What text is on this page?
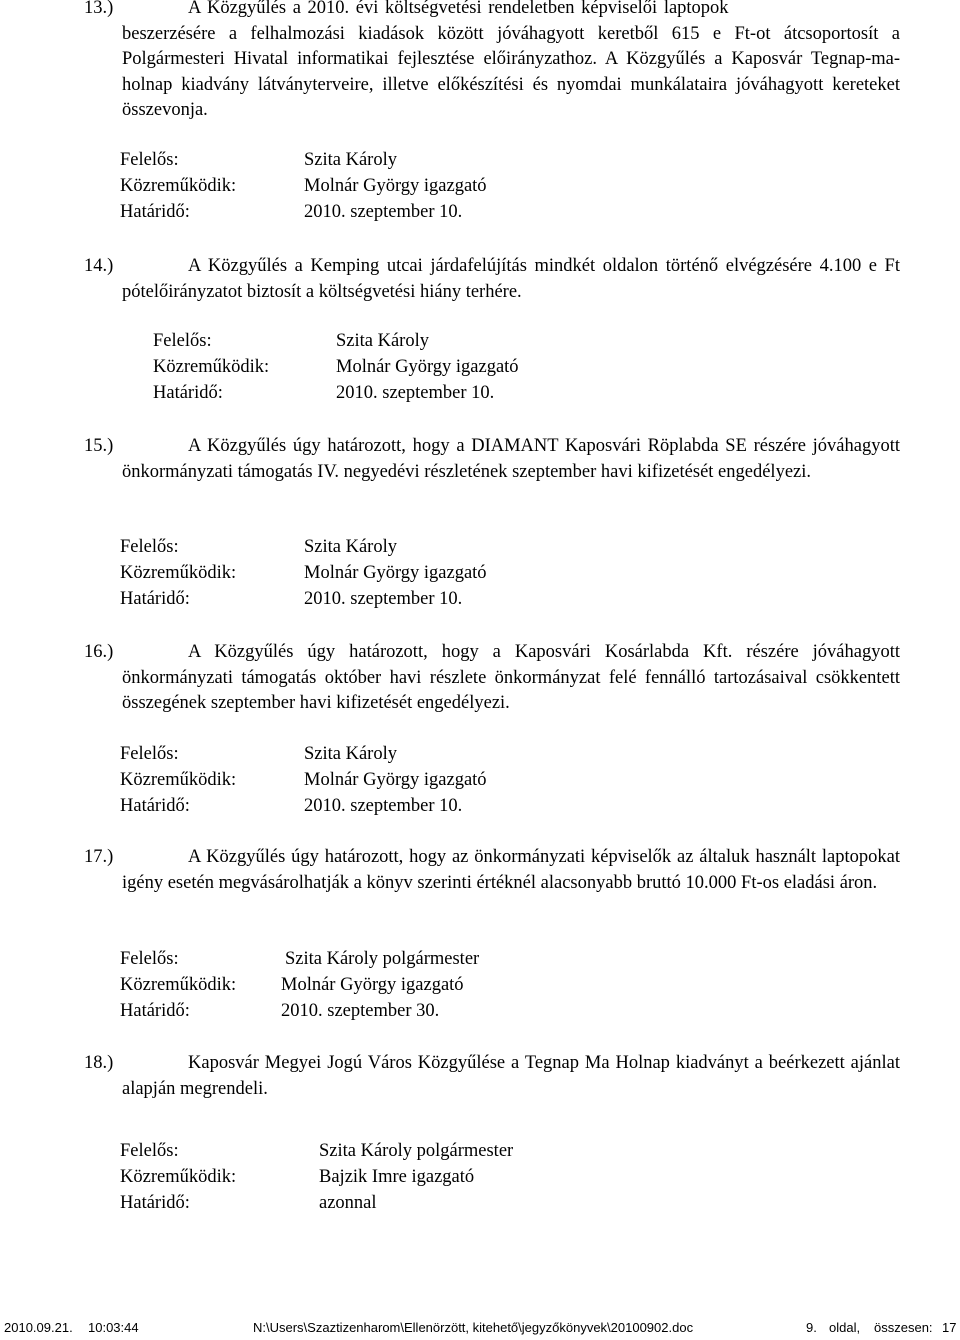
13.)	A Közgyűlés a 2010. évi költségvetési rendeletben képviselői laptopok
beszerzésére a felhalmozási kiadások között jóváhagyott keretből 615 e Ft-ot átcsoportosít a Polgármesteri Hivatal informatikai fejlesztése előirányzathoz. A Közgyűlés a Kaposvár Tegnap-ma-holnap kiadvány látványterveire, illetve előkészítési és nyomdai munkálataira jóváhagyott kereteket összevonja.
Felelős:	Szita Károly
Közreműködik:	Molnár György igazgató
Határidő:	2010. szeptember 10.
14.)	A Közgyűlés a Kemping utcai járdafelújítás mindkét oldalon történő elvégzésére 4.100 e Ft pótelőirányzatot biztosít a költségvetési hiány terhére.
Felelős:	Szita Károly
Közreműködik:	Molnár György igazgató
Határidő:	2010. szeptember 10.
15.)	A Közgyűlés úgy határozott, hogy a DIAMANT Kaposvári Röplabda SE részére jóváhagyott önkormányzati támogatás IV. negyedévi részletének szeptember havi kifizetését engedélyezi.
Felelős:	Szita Károly
Közreműködik:	Molnár György igazgató
Határidő:	2010. szeptember 10.
16.)	A Közgyűlés úgy határozott, hogy a Kaposvári Kosárlabda Kft. részére jóváhagyott önkormányzati támogatás október havi részlete önkormányzat felé fennálló tartozásaival csökkentett összegének szeptember havi kifizetését engedélyezi.
Felelős:	Szita Károly
Közreműködik:	Molnár György igazgató
Határidő:	2010. szeptember 10.
17.)	A Közgyűlés úgy határozott, hogy az önkormányzati képviselők az általuk használt laptopokat igény esetén megvásárolhatják a könyv szerinti értéknél alacsonyabb bruttó 10.000 Ft-os eladási áron.
Felelős:	Szita Károly polgármester
Közreműködik: Molnár György igazgató
Határidő:	2010. szeptember 30.
18.)	Kaposvár Megyei Jogú Város Közgyűlése a Tegnap Ma Holnap kiadványt a beérkezett ajánlat alapján megrendeli.
Felelős:	Szita Károly polgármester
Közreműködik:	Bajzik Imre igazgató
Határidő:	azonnal
2010.09.21. 10:03:44	N:\Users\Szaztizenharom\Ellenörzött, kitehető\jegyzőkönyvek\20100902.doc	9. oldal, összesen: 17
